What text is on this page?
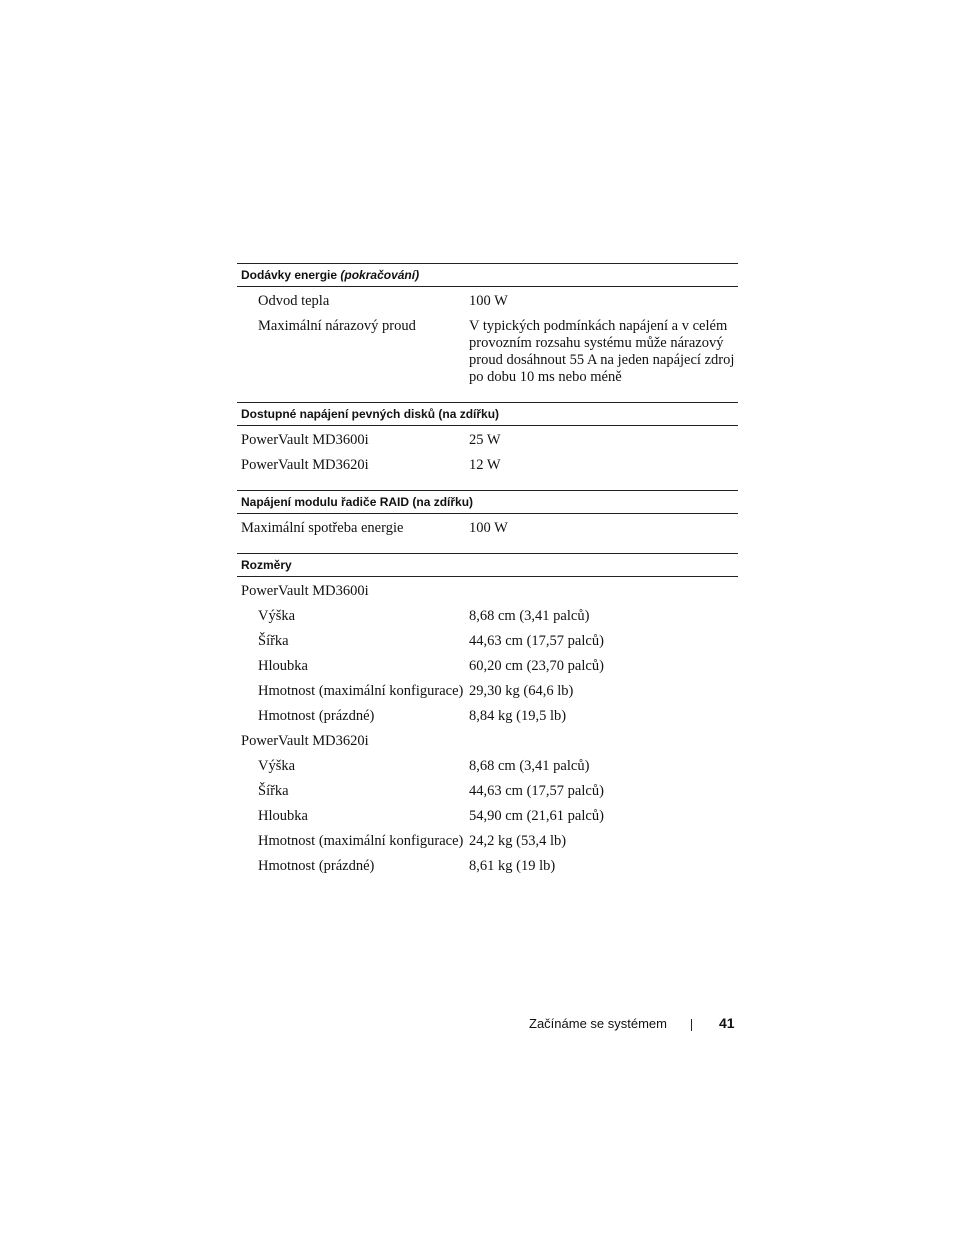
Dodávky energie (pokračování)
Odvod tepla	100 W
Maximální nárazový proud	V typických podmínkách napájení a v celém provozním rozsahu systému může nárazový proud dosáhnout 55 A na jeden napájecí zdroj po dobu 10 ms nebo méně
Dostupné napájení pevných disků (na zdířku)
PowerVault MD3600i	25 W
PowerVault MD3620i	12 W
Napájení modulu řadiče RAID (na zdířku)
Maximální spotřeba energie	100 W
Rozměry
PowerVault MD3600i
Výška	8,68 cm (3,41 palců)
Šířka	44,63 cm (17,57 palců)
Hloubka	60,20 cm (23,70 palců)
Hmotnost (maximální konfigurace) 29,30 kg (64,6 lb)
Hmotnost (prázdné)	8,84 kg (19,5 lb)
PowerVault MD3620i
Výška	8,68 cm (3,41 palců)
Šířka	44,63 cm (17,57 palců)
Hloubka	54,90 cm (21,61 palců)
Hmotnost (maximální konfigurace) 24,2 kg (53,4 lb)
Hmotnost (prázdné)	8,61 kg (19 lb)
Začínáme se systémem	41
